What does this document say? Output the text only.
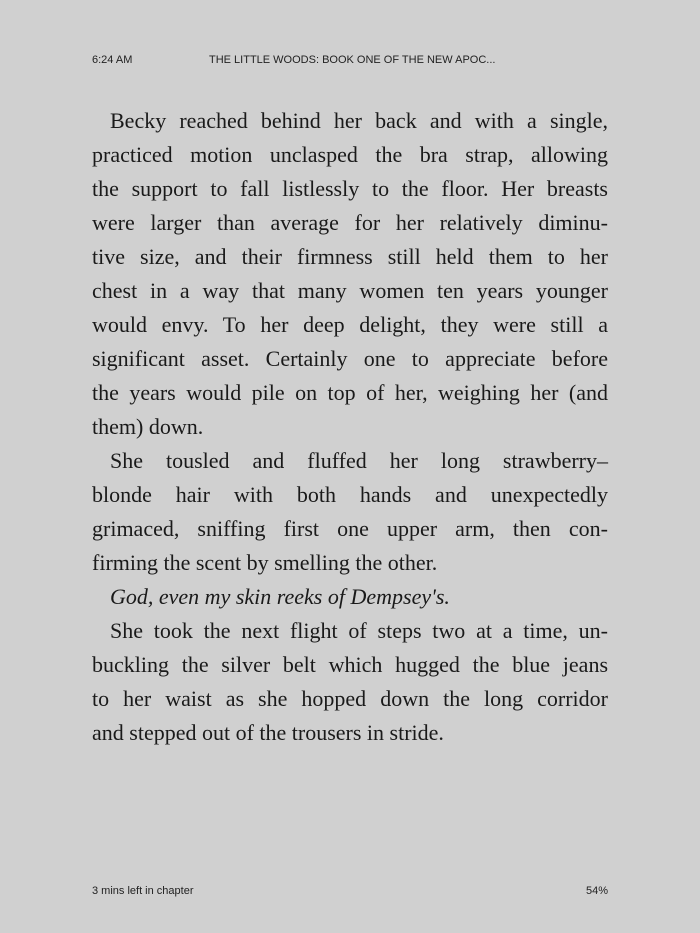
6:24 AM	THE LITTLE WOODS: BOOK ONE OF THE NEW APOC...
Becky reached behind her back and with a single,
practiced motion unclasped the bra strap, allowing
the support to fall listlessly to the floor. Her breasts
were larger than average for her relatively diminu-
tive size, and their firmness still held them to her
chest in a way that many women ten years younger
would envy. To her deep delight, they were still a
significant asset. Certainly one to appreciate before
the years would pile on top of her, weighing her (and
them) down.
She tousled and fluffed her long strawberry–
blonde hair with both hands and unexpectedly
grimaced, sniffing first one upper arm, then con-
firming the scent by smelling the other.
God, even my skin reeks of Dempsey's.
She took the next flight of steps two at a time, un-
buckling the silver belt which hugged the blue jeans
to her waist as she hopped down the long corridor
and stepped out of the trousers in stride.
3 mins left in chapter	54%
